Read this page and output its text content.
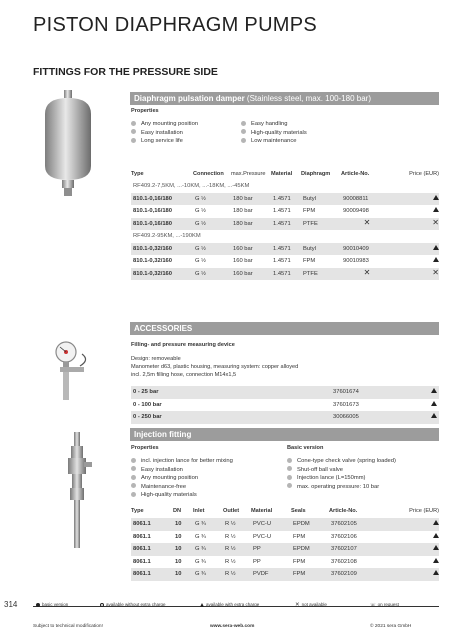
PISTON DIAPHRAGM PUMPS
FITTINGS FOR THE PRESSURE SIDE
Diaphragm pulsation damper (Stainless steel, max. 100-180 bar)
Properties
Any mounting position
Easy installation
Long service life
Easy handling
High-quality materials
Low maintenance
Type	Connection	max.Pressure Material	Diaphragm	Article-No.	Price (EUR)
RF409.2-7,5KM, ...-10KM, ...-18KM, ...-45KM
810.1-0,16/180	G ½	180 bar	1.4571	Butyl	90008811
810.1-0,16/180	G ½	180 bar	1.4571	FPM	90009498
810.1-0,16/180	G ½	180 bar	1.4571	PTFE	✕	✕
RF409.2-95KM, ...-190KM
810.1-0,32/160	G ½	160 bar	1.4571	Butyl	90010409
810.1-0,32/160	G ½	160 bar	1.4571	FPM	90010983
810.1-0,32/160	G ½	160 bar	1.4571	PTFE	✕	✕
ACCESSORIES
Filling- and pressure measuring device
Design: removeable
Manometer d63, plastic housing, measuring system: copper alloyed
incl. 2,5m filling hose, connection M14x1,5
0 - 25 bar	37601674
0 - 100 bar	37601673
0 - 250 bar	30066005
Injection fitting
Properties	Basic version
incl. injection lance for better mixing
Easy installation
Any mounting position
Maintenance-free
High-quality materials
Cone-type check valve (spring loaded)
Shut-off ball valve
Injection lance (L=150mm)
max. operating pressure: 10 bar
Type	DN	Inlet	Outlet	Material	Seals	Article-No.	Price (EUR)
8061.1	10	G ¾	R ½	PVC-U	EPDM	37602105
8061.1	10	G ¾	R ½	PVC-U	FPM	37602106
8061.1	10	G ¾	R ½	PP	EPDM	37602107
8061.1	10	G ¾	R ½	PP	FPM	37602108
8061.1	10	G ¾	R ½	PVDF	FPM	37602109
314	basic version	available without extra charge	available with extra charge	✕ not available	☏ on request
Subject to technical modification!	www.sera-web.com	© 2021 sera GmbH
